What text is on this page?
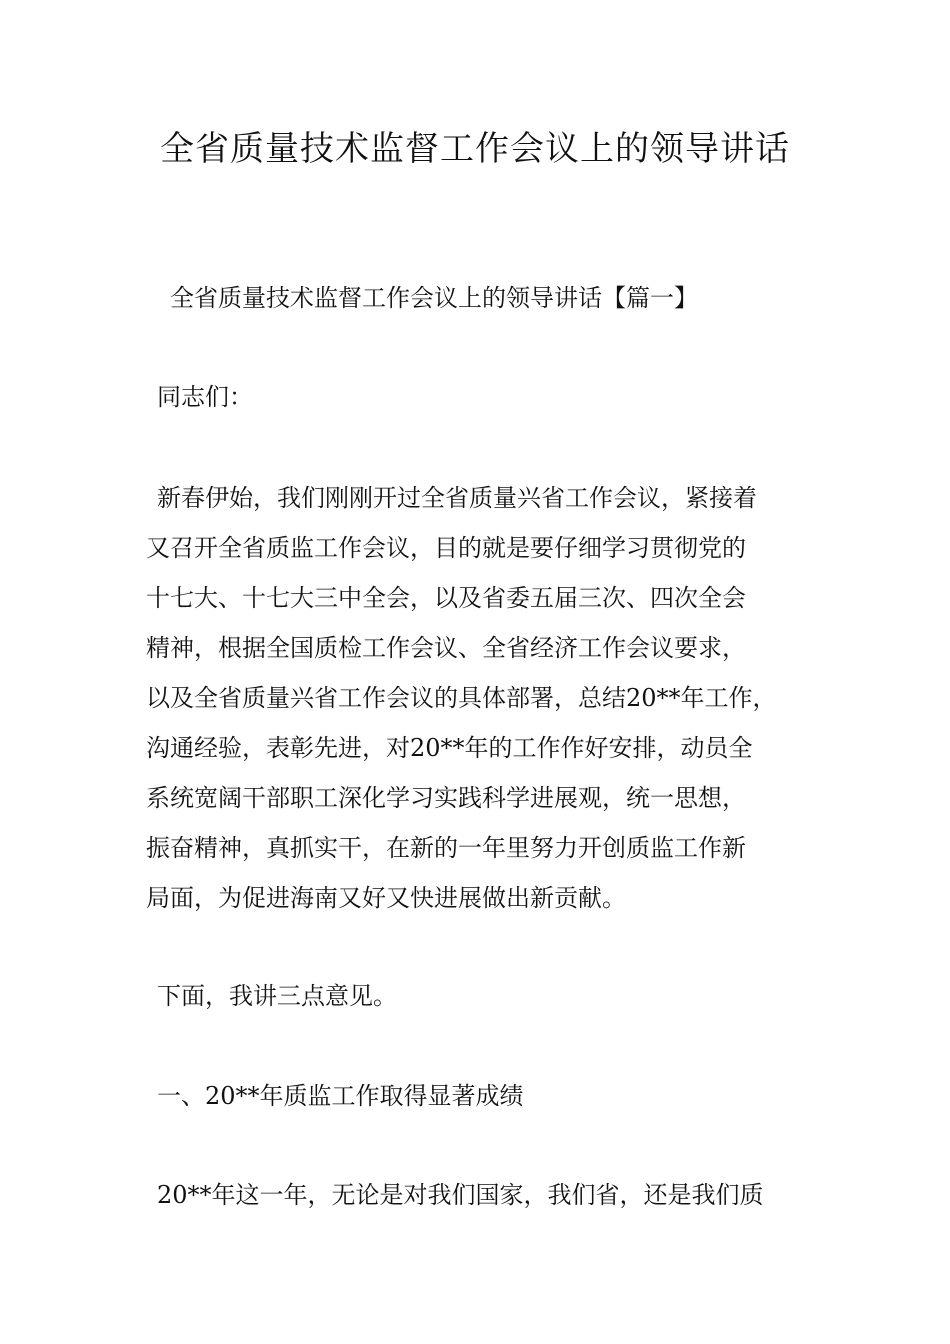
全省质量技术监督工作会议上的领导讲话
全省质量技术监督工作会议上的领导讲话【篇一】
同志们：
新春伊始，我们刚刚开过全省质量兴省工作会议，紧接着
又召开全省质监工作会议，目的就是要仔细学习贯彻党的
十七大、十七大三中全会，以及省委五届三次、四次全会
精神，根据全国质检工作会议、全省经济工作会议要求，
以及全省质量兴省工作会议的具体部署，总结20**年工作，
沟通经验，表彰先进，对20**年的工作作好安排，动员全
系统宽阔干部职工深化学习实践科学进展观，统一思想，
振奋精神，真抓实干，在新的一年里努力开创质监工作新
局面，为促进海南又好又快进展做出新贡献。
下面，我讲三点意见。
一、20**年质监工作取得显著成绩
20**年这一年，无论是对我们国家，我们省，还是我们质
